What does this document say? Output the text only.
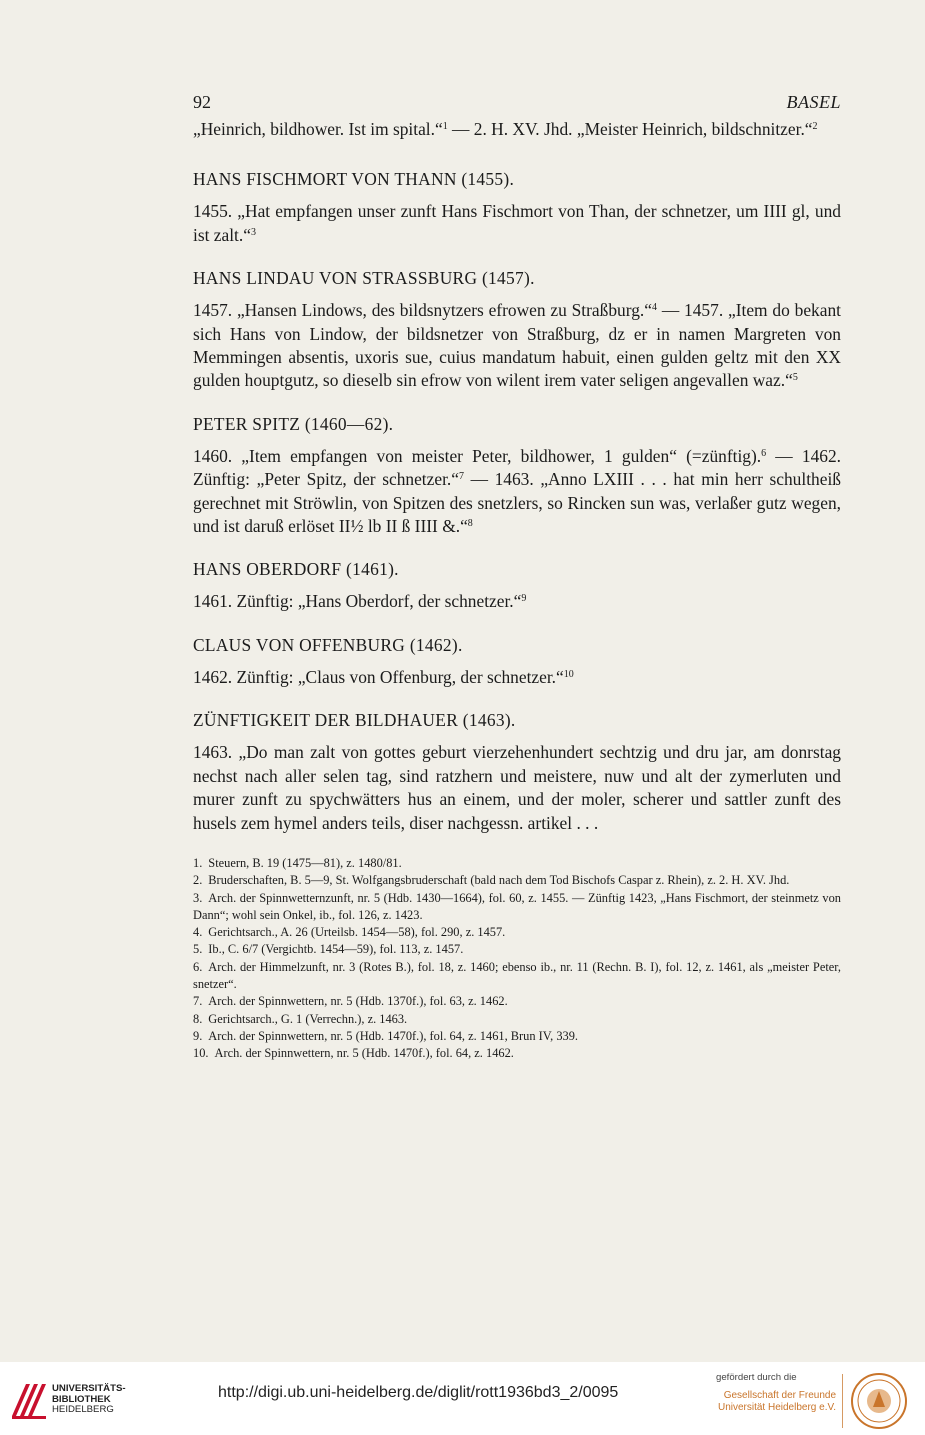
92	BASEL

„Heinrich, bildhower. Ist im spital.“$^1$ — 2. H. XV. Jhd. „Meister Heinrich, bildschnitzer.“$^2$

HANS FISCHMORT VON THANN (1455).

1455. „Hat empfangen unser zunft Hans Fischmort von Than, der schnetzer, um IIII gl, und ist zalt.“$^3$

HANS LINDAU VON STRASSBURG (1457).

1457. „Hansen Lindows, des bildsnytzers efrowen zu Straßburg.“$^4$ — 1457. „Item do bekant sich Hans von Lindow, der bildsnetzer von Straßburg, dz er in namen Margreten von Memmingen absentis, uxoris sue, cuius mandatum habuit, einen gulden geltz mit den XX gulden houptgutz, so dieselb sin efrow von wilent irem vater seligen angevallen waz.“$^5$

PETER SPITZ (1460—62).

1460. „Item empfangen von meister Peter, bildhower, 1 gulden“ (=zünftig).$^6$ — 1462. Zünftig: „Peter Spitz, der schnetzer.“$^7$ — 1463. „Anno LXIII . . . hat min herr schultheiß gerechnet mit Ströwlin, von Spitzen des snetzlers, so Rincken sun was, verlaßer gutz wegen, und ist daruß erlöset II½ lb II ß IIII &.“$^8$

HANS OBERDORF (1461).

1461. Zünftig: „Hans Oberdorf, der schnetzer.“$^9$

CLAUS VON OFFENBURG (1462).

1462. Zünftig: „Claus von Offenburg, der schnetzer.“$^{10}$

ZÜNFTIGKEIT DER BILDHAUER (1463).

1463. „Do man zalt von gottes geburt vierzehenhundert sechtzig und dru jar, am donrstag nechst nach aller selen tag, sind ratzhern und meistere, nuw und alt der zymerluten und murer zunft zu spychwätters hus an einem, und der moler, scherer und sattler zunft des husels zem hymel anders teils, diser nachgessn. artikel . . .

1. Steuern, B. 19 (1475—81), z. 1480/81.
2. Bruderschaften, B. 5—9, St. Wolfgangsbruderschaft (bald nach dem Tod Bischofs Caspar z. Rhein), z. 2. H. XV. Jhd.
3. Arch. der Spinnwetternzunft, nr. 5 (Hdb. 1430—1664), fol. 60, z. 1455. — Zünftig 1423, „Hans Fischmort, der steinmetz von Dann“; wohl sein Onkel, ib., fol. 126, z. 1423.
4. Gerichtsarch., A. 26 (Urteilsb. 1454—58), fol. 290, z. 1457.
5. Ib., C. 6/7 (Vergichtb. 1454—59), fol. 113, z. 1457.
6. Arch. der Himmelzunft, nr. 3 (Rotes B.), fol. 18, z. 1460; ebenso ib., nr. 11 (Rechn. B. I), fol. 12, z. 1461, als „meister Peter, snetzer“.
7. Arch. der Spinnwettern, nr. 5 (Hdb. 1370f.), fol. 63, z. 1462.
8. Gerichtsarch., G. 1 (Verrechn.), z. 1463.
9. Arch. der Spinnwettern, nr. 5 (Hdb. 1470f.), fol. 64, z. 1461, Brun IV, 339.
10. Arch. der Spinnwettern, nr. 5 (Hdb. 1470f.), fol. 64, z. 1462.
UNIVERSITÄTS-
BIBLIOTHEK
HEIDELBERG
http://digi.ub.uni-heidelberg.de/diglit/rott1936bd3_2/0095
gefördert durch die
Gesellschaft der Freunde
Universität Heidelberg e.V.
